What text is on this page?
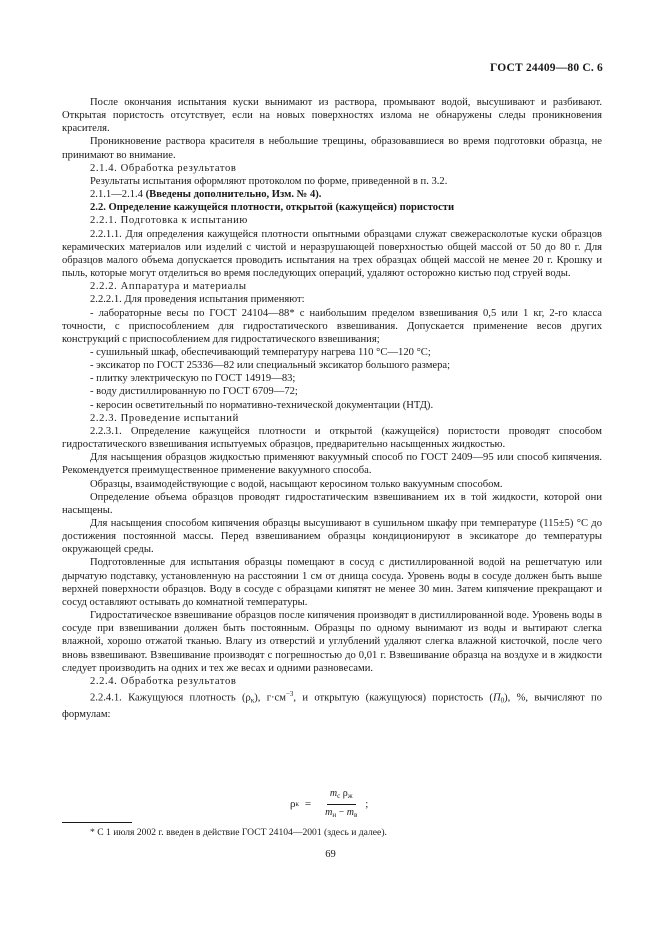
ГОСТ 24409—80 С. 6

После окончания испытания куски вынимают из раствора, промывают водой, высушивают и разбивают. Открытая пористость отсутствует, если на новых поверхностях излома не обнаружены следы проникновения красителя.

Проникновение раствора красителя в небольшие трещины, образовавшиеся во время подготовки образца, не принимают во внимание.

2.1.4. Обработка результатов

Результаты испытания оформляют протоколом по форме, приведенной в п. 3.2.

2.1.1—2.1.4 (Введены дополнительно, Изм. № 4).

2.2. Определение кажущейся плотности, открытой (кажущейся) пористости

2.2.1. Подготовка к испытанию

2.2.1.1. Для определения кажущейся плотности опытными образцами служат свежерасколотые куски образцов керамических материалов или изделий с чистой и неразрушающей поверхностью общей массой от 50 до 80 г. Для образцов малого объема допускается проводить испытания на трех образцах общей массой не менее 20 г. Крошку и пыль, которые могут отделиться во время последующих операций, удаляют осторожно кистью под струей воды.

2.2.2. Аппаратура и материалы

2.2.2.1. Для проведения испытания применяют:

- лабораторные весы по ГОСТ 24104—88* с наибольшим пределом взвешивания 0,5 или 1 кг, 2-го класса точности, с приспособлением для гидростатического взвешивания. Допускается применение весов других конструкций с приспособлением для гидростатического взвешивания;

- сушильный шкаф, обеспечивающий температуру нагрева 110 °С—120 °С;

- эксикатор по ГОСТ 25336—82 или специальный эксикатор большого размера;

- плитку электрическую по ГОСТ 14919—83;

- воду дистиллированную по ГОСТ 6709—72;

- керосин осветительный по нормативно-технической документации (НТД).

2.2.3. Проведение испытаний

2.2.3.1. Определение кажущейся плотности и открытой (кажущейся) пористости проводят способом гидростатического взвешивания испытуемых образцов, предварительно насыщенных жидкостью.

Для насыщения образцов жидкостью применяют вакуумный способ по ГОСТ 2409—95 или способ кипячения. Рекомендуется преимущественное применение вакуумного способа.

Образцы, взаимодействующие с водой, насыщают керосином только вакуумным способом.

Определение объема образцов проводят гидростатическим взвешиванием их в той жидкости, которой они насыщены.

Для насыщения способом кипячения образцы высушивают в сушильном шкафу при температуре (115±5) °С до достижения постоянной массы. Перед взвешиванием образцы кондиционируют в эксикаторе до температуры окружающей среды.

Подготовленные для испытания образцы помещают в сосуд с дистиллированной водой на решетчатую или дырчатую подставку, установленную на расстоянии 1 см от днища сосуда. Уровень воды в сосуде должен быть выше верхней поверхности образцов. Воду в сосуде с образцами кипятят не менее 30 мин. Затем кипячение прекращают и сосуд оставляют остывать до комнатной температуры.

Гидростатическое взвешивание образцов после кипячения производят в дистиллированной воде. Уровень воды в сосуде при взвешивании должен быть постоянным. Образцы по одному вынимают из воды и вытирают слегка влажной, хорошо отжатой тканью. Влагу из отверстий и углублений удаляют слегка влажной кисточкой, после чего вновь взвешивают. Взвешивание производят с погрешностью до 0,01 г. Взвешивание образца на воздухе и в жидкости следует производить на одних и тех же весах и одними разновесами.

2.2.4. Обработка результатов

2.2.4.1. Кажущуюся плотность $(\rho_к)$, $г\cdot см^{-3}$, и открытую (кажущуюся) пористость $(П_0)$, %, вычисляют по формулам:

ρ $к = \frac{m_c \rho_ж}{m_н - m_в}$ ;
* С 1 июля 2002 г. введен в действие ГОСТ 24104—2001 (здесь и далее).
69
